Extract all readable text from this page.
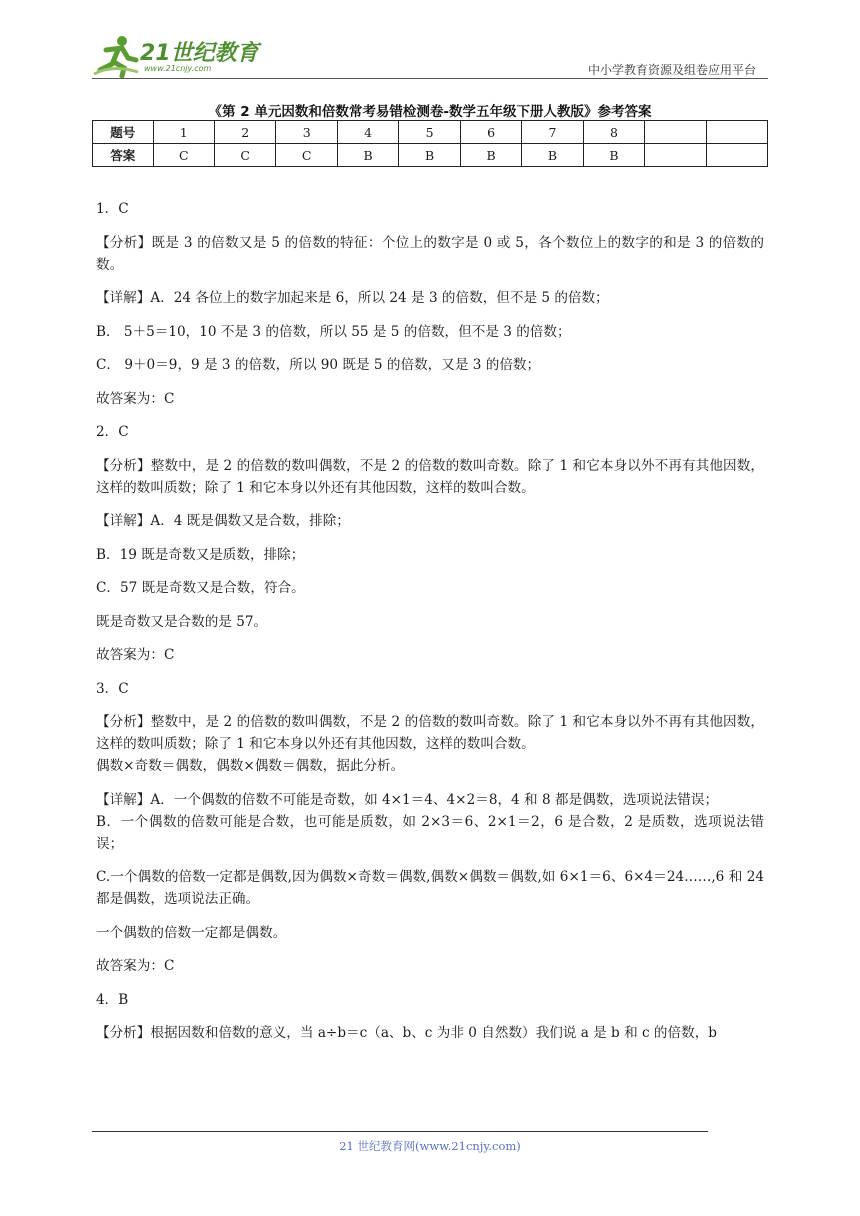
21世纪教育
www.21cnjy.com	中小学教育资源及组卷应用平台
《第 2 单元因数和倍数常考易错检测卷-数学五年级下册人教版》参考答案
题号	1	2	3	4	5	6	7	8		
答案	C	C	C	B	B	B	B	B		

1．C

【分析】既是 3 的倍数又是 5 的倍数的特征：个位上的数字是 0 或 5，各个数位上的数字的和是 3 的倍数的数。

【详解】A．24 各位上的数字加起来是 6，所以 24 是 3 的倍数，但不是 5 的倍数；

B． 5＋5＝10，10 不是 3 的倍数，所以 55 是 5 的倍数，但不是 3 的倍数；

C． 9＋0＝9，9 是 3 的倍数，所以 90 既是 5 的倍数，又是 3 的倍数；

故答案为：C

2．C

【分析】整数中，是 2 的倍数的数叫偶数，不是 2 的倍数的数叫奇数。除了 1 和它本身以外不再有其他因数，这样的数叫质数；除了 1 和它本身以外还有其他因数，这样的数叫合数。

【详解】A．4 既是偶数又是合数，排除；

B．19 既是奇数又是质数，排除；

C．57 既是奇数又是合数，符合。

既是奇数又是合数的是 57。

故答案为：C

3．C

【分析】整数中，是 2 的倍数的数叫偶数，不是 2 的倍数的数叫奇数。除了 1 和它本身以外不再有其他因数，这样的数叫质数；除了 1 和它本身以外还有其他因数，这样的数叫合数。
偶数×奇数＝偶数，偶数×偶数＝偶数，据此分析。

【详解】A．一个偶数的倍数不可能是奇数，如 4×1＝4、4×2＝8，4 和 8 都是偶数，选项说法错误；
B．一个偶数的倍数可能是合数，也可能是质数，如 2×3＝6、2×1＝2，6 是合数，2 是质数，选项说法错误；

C.一个偶数的倍数一定都是偶数,因为偶数×奇数＝偶数,偶数×偶数＝偶数,如 6×1＝6、6×4＝24……,6 和 24 都是偶数，选项说法正确。

一个偶数的倍数一定都是偶数。

故答案为：C

4．B

【分析】根据因数和倍数的意义，当 a÷b＝c（a、b、c 为非 0 自然数）我们说 a 是 b 和 c 的倍数，b

21 世纪教育网(www.21cnjy.com)
